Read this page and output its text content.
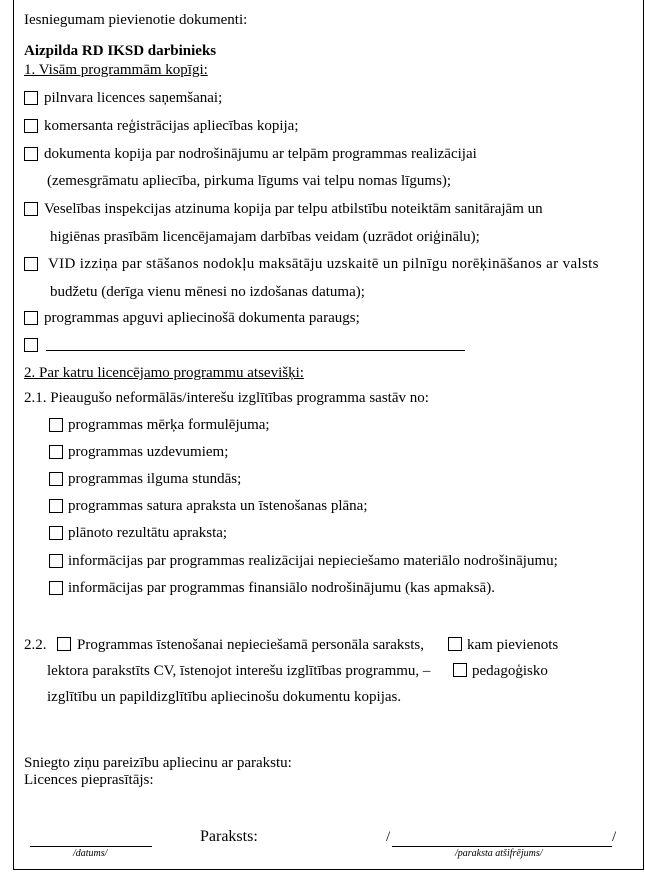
Iesniegumam pievienotie dokumenti:
Aizpilda RD IKSD darbinieks
1. Visām programmām kopīgi:
pilnvara licences saņemšanai;
komersanta reģistrācijas apliecības kopija;
dokumenta kopija par nodrošinājumu ar telpām programmas realizācijai
(zemesgrāmatu apliecība, pirkuma līgums vai telpu nomas līgums);
Veselības inspekcijas atzinuma kopija par telpu atbilstību noteiktām sanitārajām un
higiēnas prasībām licencējamajam darbības veidam (uzrādot oriģinālu);
VID izziņa par stāšanos nodokļu maksātāju uzskaitē un pilnīgu norēķināšanos ar valsts
budžetu (derīga vienu mēnesi no izdošanas datuma);
programmas apguvi apliecinošā dokumenta paraugs;
2. Par katru licencējamo programmu atsevišķi:
2.1. Pieaugušo neformālās/interešu izglītības programma sastāv no:
programmas mērķa formulējuma;
programmas uzdevumiem;
programmas ilguma stundās;
programmas satura apraksta un īstenošanas plāna;
plānoto rezultātu apraksta;
informācijas par programmas realizācijai nepieciešamo materiālo nodrošinājumu;
informācijas par programmas finansiālo nodrošinājumu (kas apmaksā).
2.2. Programmas īstenošanai nepieciešamā personāla saraksts,	kam pievienots
lektora parakstīts CV, īstenojot interešu izglītības programmu, –	pedagoģisko
izglītību un papildizglītību apliecinošu dokumentu kopijas.
Sniegto ziņu pareizību apliecinu ar parakstu:
Licences pieprasītājs:
/datums/
Paraksts:	/	/
/paraksta atšifrējums/
